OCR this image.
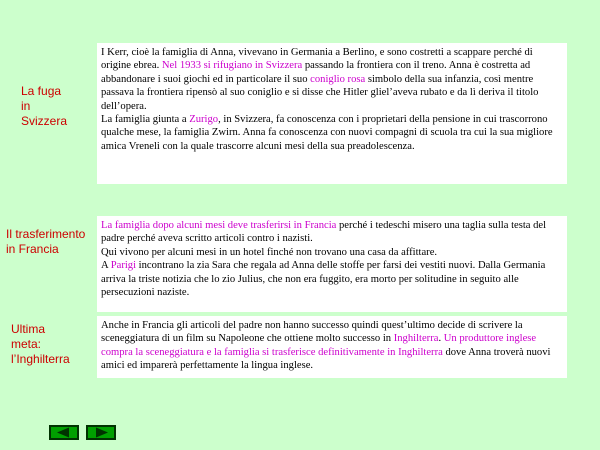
La fuga
in
Svizzera

I Kerr, cioè la famiglia di Anna, vivevano in Germania a Berlino, e sono costretti a scappare perché di origine ebrea. Nel 1933 si rifugiano in Svizzera passando la frontiera con il treno. Anna è costretta ad abbandonare i suoi giochi ed in particolare il suo coniglio rosa simbolo della sua infanzia, così mentre passava la frontiera ripensò al suo coniglio e si disse che Hitler gliel’aveva rubato e da lì deriva il titolo dell’opera.

La famiglia giunta a Zurigo, in Svizzera, fa conoscenza con i proprietari della pensione in cui trascorrono qualche mese, la famiglia Zwirn. Anna fa conoscenza con nuovi compagni di scuola tra cui la sua migliore amica Vreneli con la quale trascorre alcuni mesi della sua preadolescenza.

Il trasferimento
in Francia

La famiglia dopo alcuni mesi deve trasferirsi in Francia perché i tedeschi misero una taglia sulla testa del padre perché aveva scritto articoli contro i nazisti.

Qui vivono per alcuni mesi in un hotel finché non trovano una casa da affittare.

A Parigi incontrano la zia Sara che regala ad Anna delle stoffe per farsi dei vestiti nuovi. Dalla Germania arriva la triste notizia che lo zio Julius, che non era fuggito, era morto per solitudine in seguito alle persecuzioni naziste.

Ultima
meta:
l’Inghilterra

Anche in Francia gli articoli del padre non hanno successo quindi quest’ultimo decide di scrivere la sceneggiatura di un film su Napoleone che ottiene molto successo in Inghilterra. Un produttore inglese compra la sceneggiatura e la famiglia si trasferisce definitivamente in Inghilterra dove Anna troverà nuovi amici ed imparerà perfettamente la lingua inglese.
